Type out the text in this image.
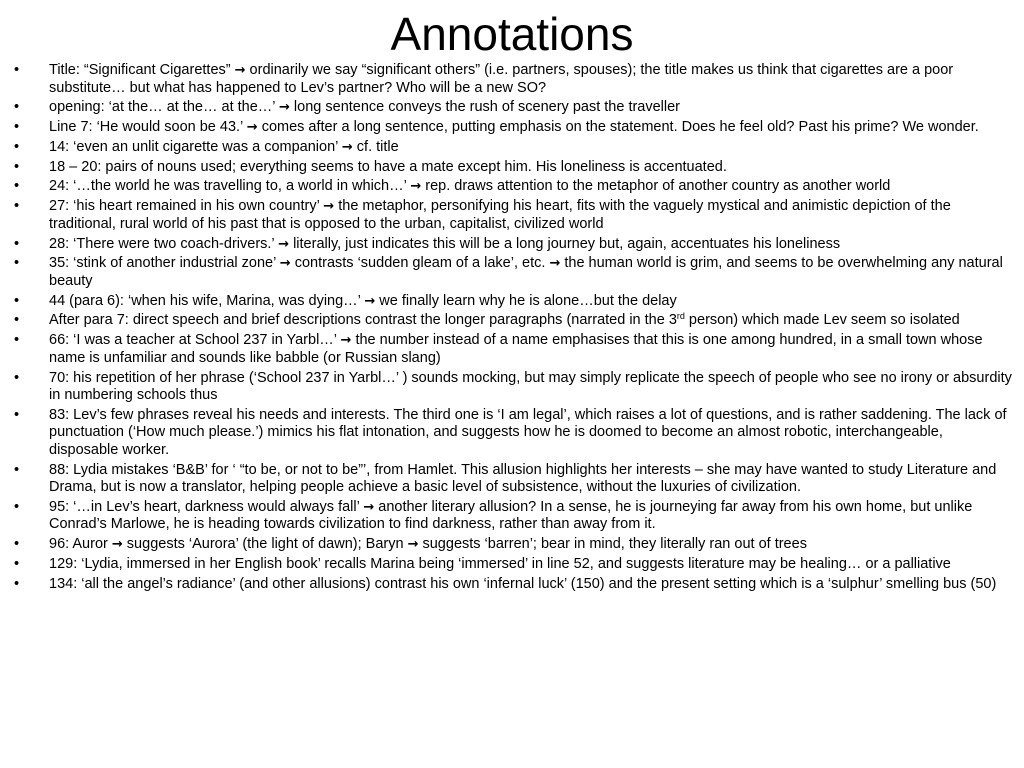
Annotations
• Title: “Significant Cigarettes” → ordinarily we say “significant others” (i.e. partners, spouses); the title makes us think that cigarettes are a poor substitute… but what has happened to Lev’s partner? Who will be a new SO?
• opening: ‘at the… at the… at the…’ → long sentence conveys the rush of scenery past the traveller
• Line 7: ‘He would soon be 43.’ → comes after a long sentence, putting emphasis on the statement. Does he feel old? Past his prime? We wonder.
• 14: ‘even an unlit cigarette was a companion’ → cf. title
• 18 – 20: pairs of nouns used; everything seems to have a mate except him. His loneliness is accentuated.
• 24: ‘…the world he was travelling to, a world in which…’ → rep. draws attention to the metaphor of another country as another world
• 27: ‘his heart remained in his own country’ → the metaphor, personifying his heart, fits with the vaguely mystical and animistic depiction of the traditional, rural world of his past that is opposed to the urban, capitalist, civilized world
• 28: ‘There were two coach-drivers.’ → literally, just indicates this will be a long journey but, again, accentuates his loneliness
• 35: ‘stink of another industrial zone’ → contrasts ‘sudden gleam of a lake’, etc. → the human world is grim, and seems to be overwhelming any natural beauty
• 44 (para 6): ‘when his wife, Marina, was dying…’ → we finally learn why he is alone…but the delay
• After para 7: direct speech and brief descriptions contrast the longer paragraphs (narrated in the 3rd person) which made Lev seem so isolated
• 66: ‘I was a teacher at School 237 in Yarbl…’ → the number instead of a name emphasises that this is one among hundred, in a small town whose name is unfamiliar and sounds like babble (or Russian slang)
• 70: his repetition of her phrase (‘School 237 in Yarbl…’ ) sounds mocking, but may simply replicate the speech of people who see no irony or absurdity in numbering schools thus
• 83: Lev’s few phrases reveal his needs and interests. The third one is ‘I am legal’, which raises a lot of questions, and is rather saddening. The lack of punctuation (‘How much please.’) mimics his flat intonation, and suggests how he is doomed to become an almost robotic, interchangeable, disposable worker.
• 88: Lydia mistakes ‘B&B’ for ‘ “to be, or not to be”’, from Hamlet. This allusion highlights her interests – she may have wanted to study Literature and Drama, but is now a translator, helping people achieve a basic level of subsistence, without the luxuries of civilization.
• 95: ‘…in Lev’s heart, darkness would always fall’ → another literary allusion? In a sense, he is journeying far away from his own home, but unlike Conrad’s Marlowe, he is heading towards civilization to find darkness, rather than away from it.
• 96: Auror → suggests ‘Aurora’ (the light of dawn); Baryn → suggests ‘barren’; bear in mind, they literally ran out of trees
• 129: ‘Lydia, immersed in her English book’ recalls Marina being ‘immersed’ in line 52, and suggests literature may be healing… or a palliative
• 134: ‘all the angel’s radiance’ (and other allusions) contrast his own ‘infernal luck’ (150) and the present setting which is a ‘sulphur’ smelling bus (50)
